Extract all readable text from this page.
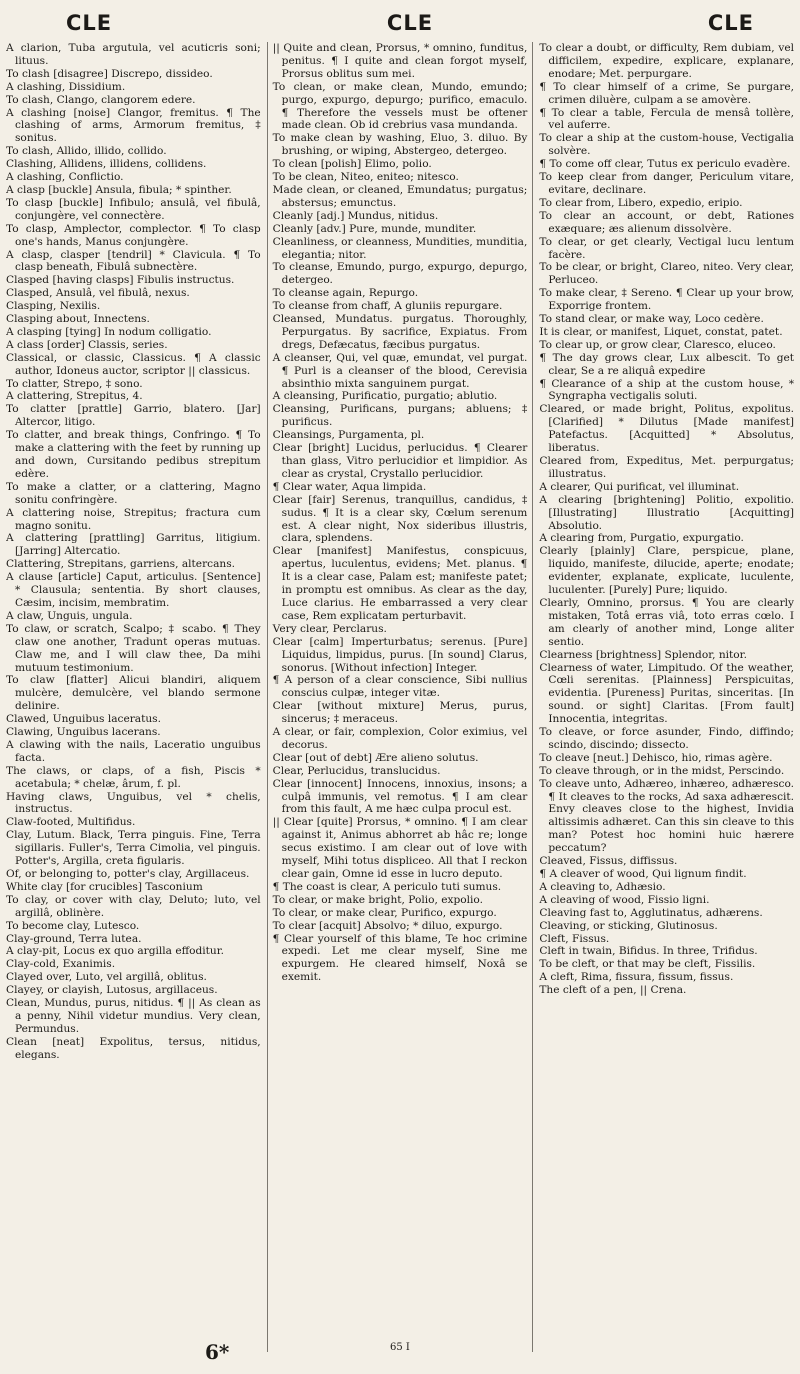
CLE	CLE	CLE

A clarion, Tuba argutula, vel acuticris soni; lituus.

To clash [disagree] Discrepo, dissideo.

A clashing, Dissidium.

To clash, Clango, clangorem edere.

A clashing [noise] Clangor, fremitus. ¶ The clashing of arms, Armorum fremitus, ‡ sonitus.

To clash, Allido, illido, collido.

Clashing, Allidens, illidens, collidens.

A clashing, Conflictio.

A clasp [buckle] Ansula, fibula; * spinther.

To clasp [buckle] Infibulo; ansulâ, vel fibulâ, conjungère, vel connectère.

To clasp, Amplector, complector. ¶ To clasp one's hands, Manus conjungère.

A clasp, clasper [tendril] * Clavicula. ¶ To clasp beneath, Fibulâ subnectère.

Clasped [having clasps] Fibulis instructus.

Clasped, Ansulâ, vel fibulâ, nexus.

Clasping, Nexilis.

Clasping about, Innectens.

A clasping [tying] In nodum colligatio.

A class [order] Classis, series.

Classical, or classic, Classicus. ¶ A classic author, Idoneus auctor, scriptor || classicus.

To clatter, Strepo, ‡ sono.

A clattering, Strepitus, 4.

To clatter [prattle] Garrio, blatero. [Jar] Altercor, litigo.

To clatter, and break things, Confringo. ¶ To make a clattering with the feet by running up and down, Cursitando pedibus strepitum edère.

To make a clatter, or a clattering, Magno sonitu confringère.

A clattering noise, Strepitus; fractura cum magno sonitu.

A clattering [prattling] Garritus, litigium. [Jarring] Altercatio.

Clattering, Strepitans, garriens, altercans.

A clause [article] Caput, articulus. [Sentence] * Clausula; sententia. By short clauses, Cæsim, incisim, membratim.

A claw, Unguis, ungula.

To claw, or scratch, Scalpo; ‡ scabo. ¶ They claw one another, Tradunt operas mutuas. Claw me, and I will claw thee, Da mihi mutuum testimonium.

To claw [flatter] Alicui blandiri, aliquem mulcère, demulcère, vel blando sermone delinire.

Clawed, Unguibus laceratus.

Clawing, Unguibus lacerans.

A clawing with the nails, Laceratio unguibus facta.

The claws, or claps, of a fish, Piscis * acetabula; * chelæ, ârum, f. pl.

Having claws, Unguibus, vel * chelis, instructus.

Claw-footed, Multifidus.

Clay, Lutum. Black, Terra pinguis. Fine, Terra sigillaris. Fuller's, Terra Cimolia, vel pinguis. Potter's, Argilla, creta figularis.

Of, or belonging to, potter's clay, Argillaceus.

White clay [for crucibles] Tasconium

To clay, or cover with clay, Deluto; luto, vel argillâ, oblinère.

To become clay, Lutesco.

Clay-ground, Terra lutea.

A clay-pit, Locus ex quo argilla effoditur.

Clay-cold, Exanimis.

Clayed over, Luto, vel argillâ, oblitus.

Clayey, or clayish, Lutosus, argillaceus.

Clean, Mundus, purus, nitidus. ¶ || As clean as a penny, Nihil videtur mundius. Very clean, Permundus.

Clean [neat] Expolitus, tersus, nitidus, elegans.

|| Quite and clean, Prorsus, * omnino, funditus, penitus. ¶ I quite and clean forgot myself, Prorsus oblitus sum mei.

To clean, or make clean, Mundo, emundo; purgo, expurgo, depurgo; purifico, emaculo. ¶ Therefore the vessels must be oftener made clean. Ob id crebrius vasa mundanda.

To make clean by washing, Eluo, 3. diluo. By brushing, or wiping, Abstergeo, detergeo.

To clean [polish] Elimo, polio.

To be clean, Niteo, eniteo; nitesco.

Made clean, or cleaned, Emundatus; purgatus; abstersus; emunctus.

Cleanly [adj.] Mundus, nitidus.

Cleanly [adv.] Pure, munde, munditer.

Cleanliness, or cleanness, Mundities, munditia, elegantia; nitor.

To cleanse, Emundo, purgo, expurgo, depurgo, detergeo.

To cleanse again, Repurgo.

To cleanse from chaff, A gluniis repurgare.

Cleansed, Mundatus. purgatus. Thoroughly, Perpurgatus. By sacrifice, Expiatus. From dregs, Defæcatus, fæcibus purgatus.

A cleanser, Qui, vel quæ, emundat, vel purgat. ¶ Purl is a cleanser of the blood, Cerevisia absinthio mixta sanguinem purgat.

A cleansing, Purificatio, purgatio; ablutio.

Cleansing, Purificans, purgans; abluens; ‡ purificus.

Cleansings, Purgamenta, pl.

Clear [bright] Lucidus, perlucidus. ¶ Clearer than glass, Vitro perlucidior et limpidior. As clear as crystal, Crystallo perlucidior.

¶ Clear water, Aqua limpida.

Clear [fair] Serenus, tranquillus, candidus, ‡ sudus. ¶ It is a clear sky, Cœlum serenum est. A clear night, Nox sideribus illustris, clara, splendens.

Clear [manifest] Manifestus, conspicuus, apertus, luculentus, evidens; Met. planus. ¶ It is a clear case, Palam est; manifeste patet; in promptu est omnibus. As clear as the day, Luce clarius. He embarrassed a very clear case, Rem explicatam perturbavit.

Very clear, Perclarus.

Clear [calm] Imperturbatus; serenus. [Pure] Liquidus, limpidus, purus. [In sound] Clarus, sonorus. [Without infection] Integer.

¶ A person of a clear conscience, Sibi nullius conscius culpæ, integer vitæ.

Clear [without mixture] Merus, purus, sincerus; ‡ meraceus.

A clear, or fair, complexion, Color eximius, vel decorus.

Clear [out of debt] Ære alieno solutus.

Clear, Perlucidus, translucidus.

Clear [innocent] Innocens, innoxius, insons; a culpâ immunis, vel remotus. ¶ I am clear from this fault, A me hæc culpa procul est.

|| Clear [quite] Prorsus, * omnino. ¶ I am clear against it, Animus abhorret ab hâc re; longe secus existimo. I am clear out of love with myself, Mihi totus displiceo. All that I reckon clear gain, Omne id esse in lucro deputo.

¶ The coast is clear, A periculo tuti sumus.

To clear, or make bright, Polio, expolio.

To clear, or make clear, Purifico, expurgo.

To clear [acquit] Absolvo; * diluo, expurgo.

¶ Clear yourself of this blame, Te hoc crimine expedi. Let me clear myself, Sine me expurgem. He cleared himself, Noxâ se exemit.

To clear a doubt, or difficulty, Rem dubiam, vel difficilem, expedire, explicare, explanare, enodare; Met. perpurgare.

¶ To clear himself of a crime, Se purgare, crimen diluère, culpam a se amovère.

¶ To clear a table, Fercula de mensâ tollère, vel auferre.

To clear a ship at the custom-house, Vectigalia solvère.

¶ To come off clear, Tutus ex periculo evadère.

To keep clear from danger, Periculum vitare, evitare, declinare.

To clear from, Libero, expedio, eripio.

To clear an account, or debt, Rationes exæquare; æs alienum dissolvère.

To clear, or get clearly, Vectigal lucu lentum facère.

To be clear, or bright, Clareo, niteo. Very clear, Perluceo.

To make clear, ‡ Sereno. ¶ Clear up your brow, Exporrige frontem.

To stand clear, or make way, Loco cedère.

It is clear, or manifest, Liquet, constat, patet.

To clear up, or grow clear, Claresco, eluceo.

¶ The day grows clear, Lux albescit. To get clear, Se a re aliquâ expedire

¶ Clearance of a ship at the custom house, * Syngrapha vectigalis soluti.

Cleared, or made bright, Politus, expolitus. [Clarified] * Dilutus [Made manifest] Patefactus. [Acquitted] * Absolutus, liberatus.

Cleared from, Expeditus, Met. perpurgatus; illustratus.

A clearer, Qui purificat, vel illuminat.

A clearing [brightening] Politio, expolitio. [Illustrating] Illustratio [Acquitting] Absolutio.

A clearing from, Purgatio, expurgatio.

Clearly [plainly] Clare, perspicue, plane, liquido, manifeste, dilucide, aperte; enodate; evidenter, explanate, explicate, luculente, luculenter. [Purely] Pure; liquido.

Clearly, Omnino, prorsus. ¶ You are clearly mistaken, Totâ erras viâ, toto erras cœlo. I am clearly of another mind, Longe aliter sentio.

Clearness [brightness] Splendor, nitor.

Clearness of water, Limpitudo. Of the weather, Cœli serenitas. [Plainness] Perspicuitas, evidentia. [Pureness] Puritas, sinceritas. [In sound. or sight] Claritas. [From fault] Innocentia, integritas.

To cleave, or force asunder, Findo, diffindo; scindo, discindo; dissecto.

To cleave [neut.] Dehisco, hio, rimas agère.

To cleave through, or in the midst, Perscindo.

To cleave unto, Adhæreo, inhæreo, adhæresco. ¶ It cleaves to the rocks, Ad saxa adhærescit. Envy cleaves close to the highest, Invidia altissimis adhæret. Can this sin cleave to this man? Potest hoc homini huic hærere peccatum?

Cleaved, Fissus, diffissus.

¶ A cleaver of wood, Qui lignum findit.

A cleaving to, Adhæsio.

A cleaving of wood, Fissio ligni.

Cleaving fast to, Agglutinatus, adhærens.

Cleaving, or sticking, Glutinosus.

Cleft, Fissus.

Cleft in twain, Bifidus. In three, Trifidus.

To be cleft, or that may be cleft, Fissilis.

A cleft, Rima, fissura, fissum, fissus.

The cleft of a pen, || Crena.

6*	65 I
